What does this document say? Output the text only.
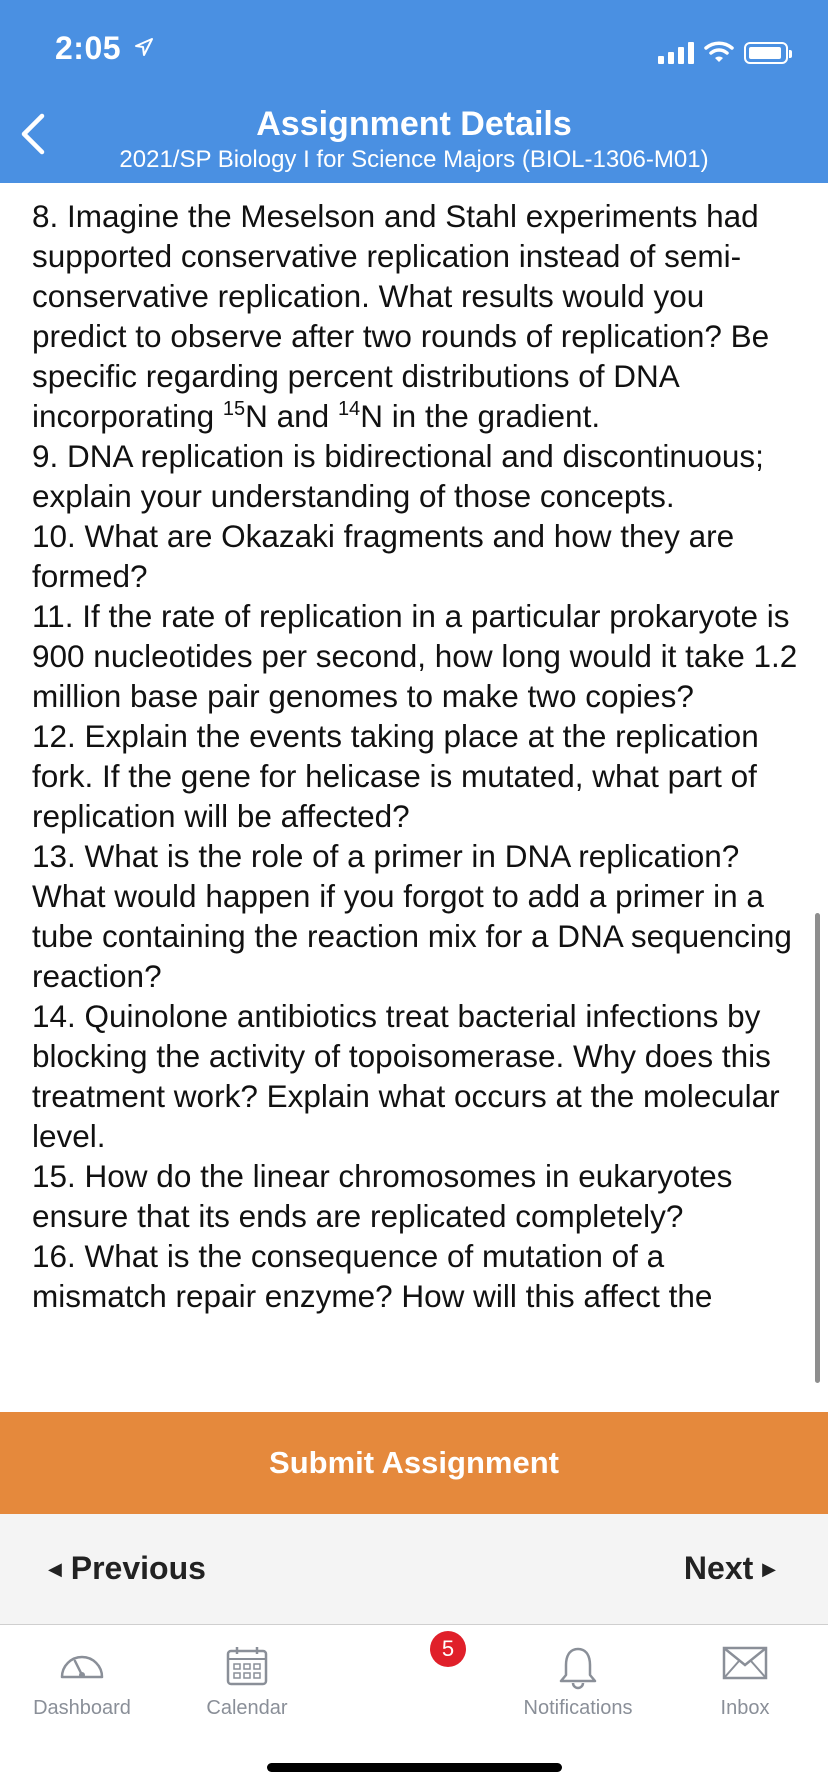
2:05
Assignment Details
2021/SP Biology I for Science Majors (BIOL-1306-M01)
8. Imagine the Meselson and Stahl experiments had supported conservative replication instead of semi-conservative replication. What results would you predict to observe after two rounds of replication? Be specific regarding percent distributions of DNA incorporating $^{15}$N and $^{14}$N in the gradient.
9. DNA replication is bidirectional and discontinuous; explain your understanding of those concepts.
10. What are Okazaki fragments and how they are formed?
11. If the rate of replication in a particular prokaryote is 900 nucleotides per second, how long would it take 1.2 million base pair genomes to make two copies?
12. Explain the events taking place at the replication fork. If the gene for helicase is mutated, what part of replication will be affected?
13. What is the role of a primer in DNA replication? What would happen if you forgot to add a primer in a tube containing the reaction mix for a DNA sequencing reaction?
14. Quinolone antibiotics treat bacterial infections by blocking the activity of topoisomerase. Why does this treatment work? Explain what occurs at the molecular level.
15. How do the linear chromosomes in eukaryotes ensure that its ends are replicated completely?
16. What is the consequence of mutation of a mismatch repair enzyme? How will this affect the
Submit Assignment
◀ Previous	Next ▶
Dashboard	Calendar	Notifications	Inbox
5
